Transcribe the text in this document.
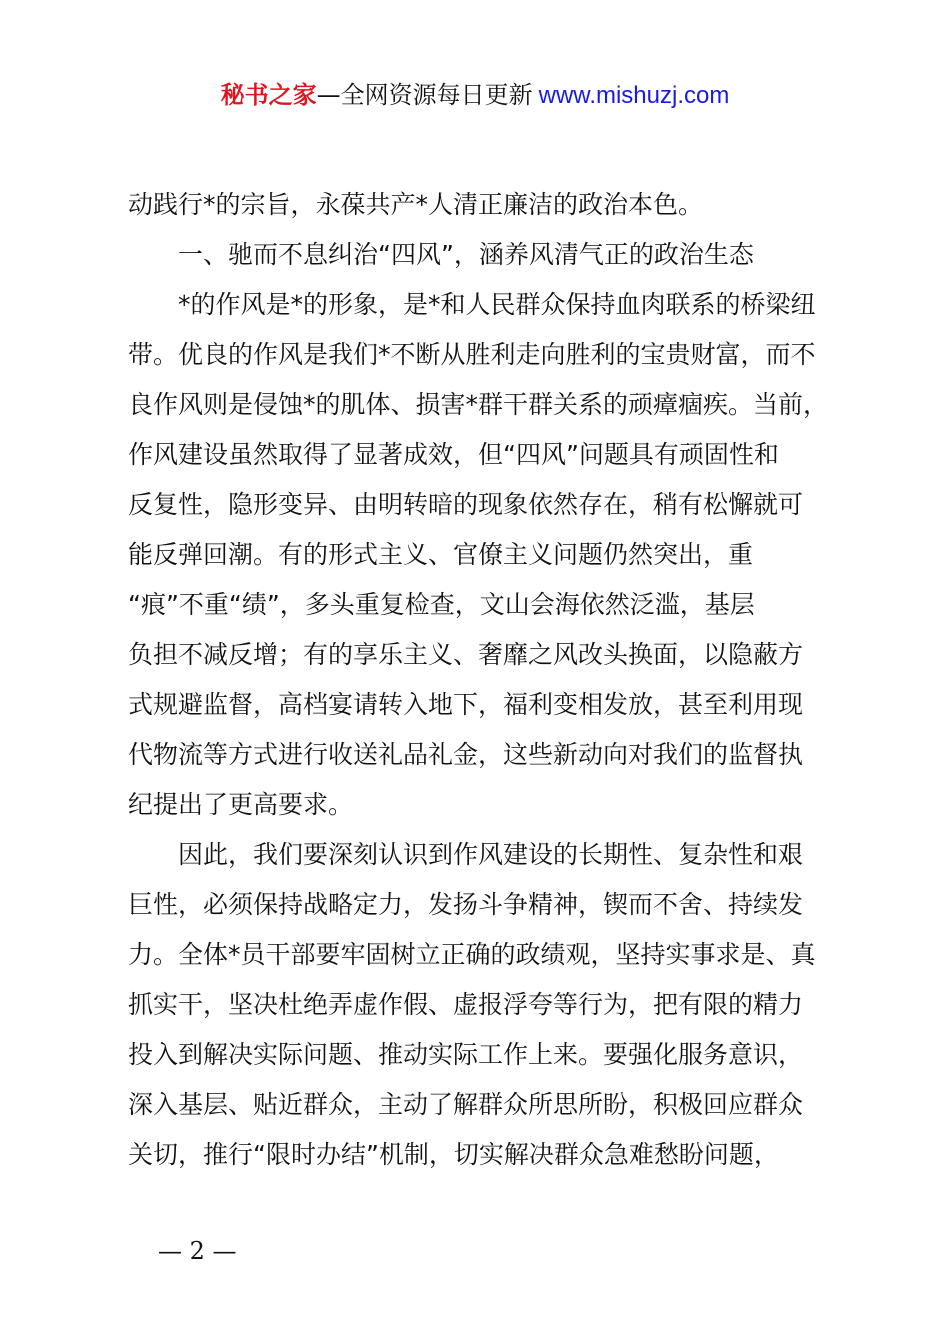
秘书之家—全网资源每日更新 www.mishuzj.com
动践行*的宗旨，永葆共产*人清正廉洁的政治本色。
一、驰而不息纠治“四风”，涵养风清气正的政治生态
*的作风是*的形象，是*和人民群众保持血肉联系的桥梁纽
带。优良的作风是我们*不断从胜利走向胜利的宝贵财富，而不
良作风则是侵蚀*的肌体、损害*群干群关系的顽瘴痼疾。当前，
作风建设虽然取得了显著成效，但“四风”问题具有顽固性和
反复性，隐形变异、由明转暗的现象依然存在，稍有松懈就可
能反弹回潮。有的形式主义、官僚主义问题仍然突出，重
“痕”不重“绩”，多头重复检查，文山会海依然泛滥，基层
负担不减反增；有的享乐主义、奢靡之风改头换面，以隐蔽方
式规避监督，高档宴请转入地下，福利变相发放，甚至利用现
代物流等方式进行收送礼品礼金，这些新动向对我们的监督执
纪提出了更高要求。
因此，我们要深刻认识到作风建设的长期性、复杂性和艰
巨性，必须保持战略定力，发扬斗争精神，锲而不舍、持续发
力。全体*员干部要牢固树立正确的政绩观，坚持实事求是、真
抓实干，坚决杜绝弄虚作假、虚报浮夸等行为，把有限的精力
投入到解决实际问题、推动实际工作上来。要强化服务意识，
深入基层、贴近群众，主动了解群众所思所盼，积极回应群众
关切，推行“限时办结”机制，切实解决群众急难愁盼问题，
— 2 —
